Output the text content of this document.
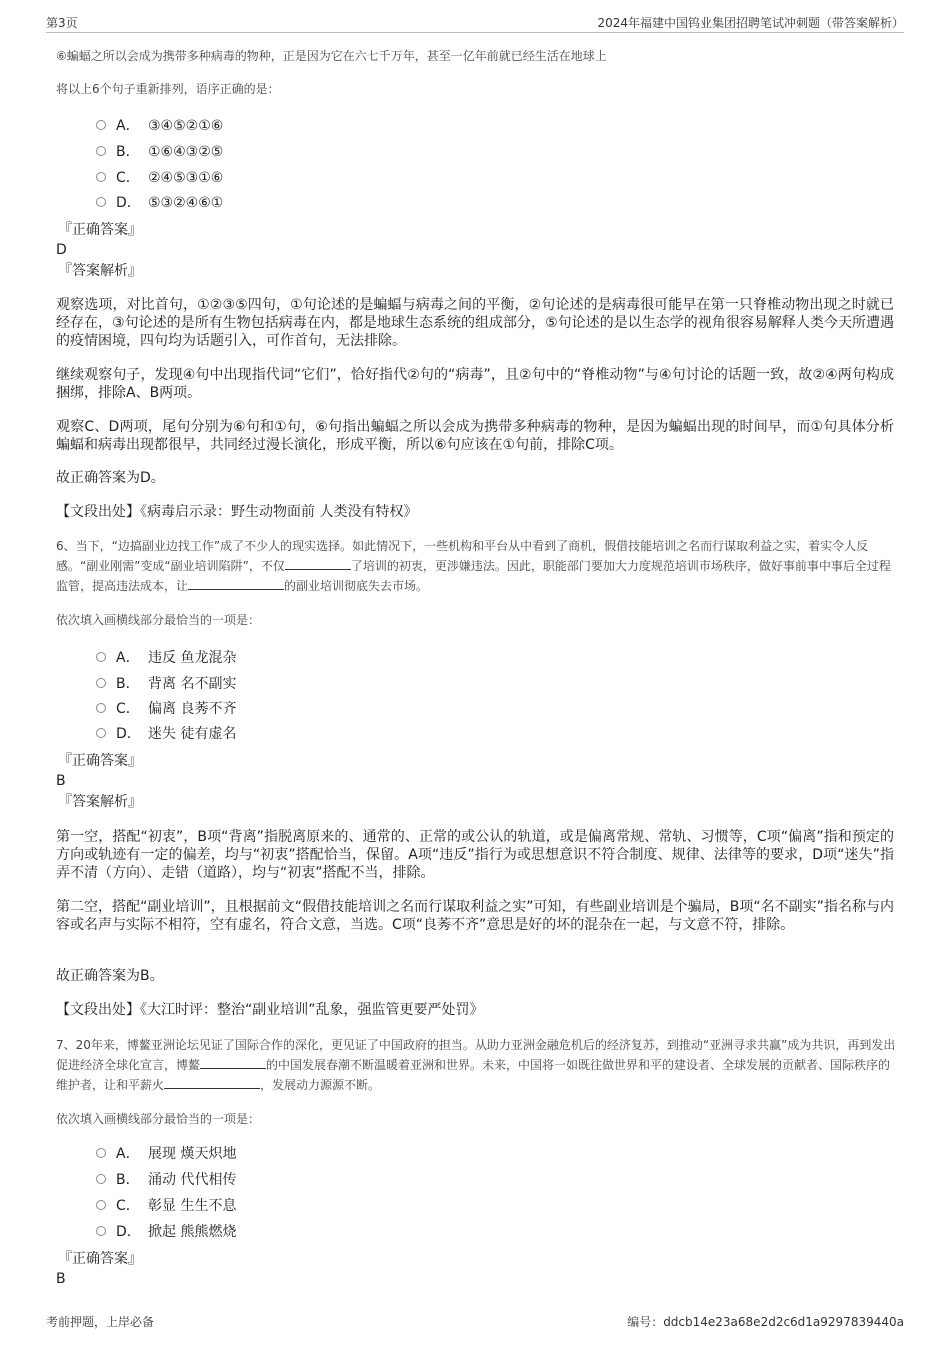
第3页	2024年福建中国钨业集团招聘笔试冲刺题（带答案解析）

⑥蝙蝠之所以会成为携带多种病毒的物种，正是因为它在六七千万年，甚至一亿年前就已经生活在地球上

将以上6个句子重新排列，语序正确的是：

A． ③④⑤②①⑥
B． ①⑥④③②⑤
C． ②④⑤③①⑥
D． ⑤③②④⑥①

『正确答案』

D

『答案解析』

观察选项，对比首句，①②③⑤四句，①句论述的是蝙蝠与病毒之间的平衡，②句论述的是病毒很可能早在第一只脊椎动物出现之时就已经存在，③句论述的是所有生物包括病毒在内，都是地球生态系统的组成部分，⑤句论述的是以生态学的视角很容易解释人类今天所遭遇的疫情困境，四句均为话题引入，可作首句，无法排除。

继续观察句子，发现④句中出现指代词“它们”，恰好指代②句的“病毒”，且②句中的“脊椎动物”与④句讨论的话题一致，故②④两句构成捆绑，排除A、B两项。

观察C、D两项，尾句分别为⑥句和①句，⑥句指出蝙蝠之所以会成为携带多种病毒的物种，是因为蝙蝠出现的时间早，而①句具体分析蝙蝠和病毒出现都很早，共同经过漫长演化，形成平衡，所以⑥句应该在①句前，排除C项。

故正确答案为D。

【文段出处】《病毒启示录：野生动物面前 人类没有特权》

6、当下，“边搞副业边找工作”成了不少人的现实选择。如此情况下，一些机构和平台从中看到了商机，假借技能培训之名而行谋取利益之实，着实令人反感。“副业刚需”变成“副业培训陷阱”，不仅	了培训的初衷，更涉嫌违法。因此，职能部门要加大力度规范培训市场秩序，做好事前事中事后全过程监管，提高违法成本，让	的副业培训彻底失去市场。

依次填入画横线部分最恰当的一项是：

A． 违反 鱼龙混杂
B． 背离 名不副实
C． 偏离 良莠不齐
D． 迷失 徒有虚名

『正确答案』

B

『答案解析』

第一空，搭配“初衷”，B项“背离”指脱离原来的、通常的、正常的或公认的轨道，或是偏离常规、常轨、习惯等，C项“偏离”指和预定的方向或轨迹有一定的偏差，均与“初衷”搭配恰当，保留。A项“违反”指行为或思想意识不符合制度、规律、法律等的要求，D项“迷失”指弄不清（方向）、走错（道路），均与“初衷”搭配不当，排除。

第二空，搭配“副业培训”，且根据前文“假借技能培训之名而行谋取利益之实”可知，有些副业培训是个骗局，B项“名不副实”指名称与内容或名声与实际不相符，空有虚名，符合文意，当选。C项“良莠不齐”意思是好的坏的混杂在一起，与文意不符，排除。

故正确答案为B。

【文段出处】《大江时评：整治“副业培训”乱象，强监管更要严处罚》

7、20年来，博鳌亚洲论坛见证了国际合作的深化，更见证了中国政府的担当。从助力亚洲金融危机后的经济复苏，到推动“亚洲寻求共赢”成为共识，再到发出促进经济全球化宣言，博鳌	的中国发展春潮不断温暖着亚洲和世界。未来，中国将一如既往做世界和平的建设者、全球发展的贡献者、国际秩序的维护者，让和平薪火	，发展动力源源不断。

依次填入画横线部分最恰当的一项是：

A． 展现 熯天炽地
B． 涌动 代代相传
C． 彰显 生生不息
D． 掀起 熊熊燃烧

『正确答案』

B

考前押题，上岸必备	编号：ddcb14e23a68e2d2c6d1a9297839440a
